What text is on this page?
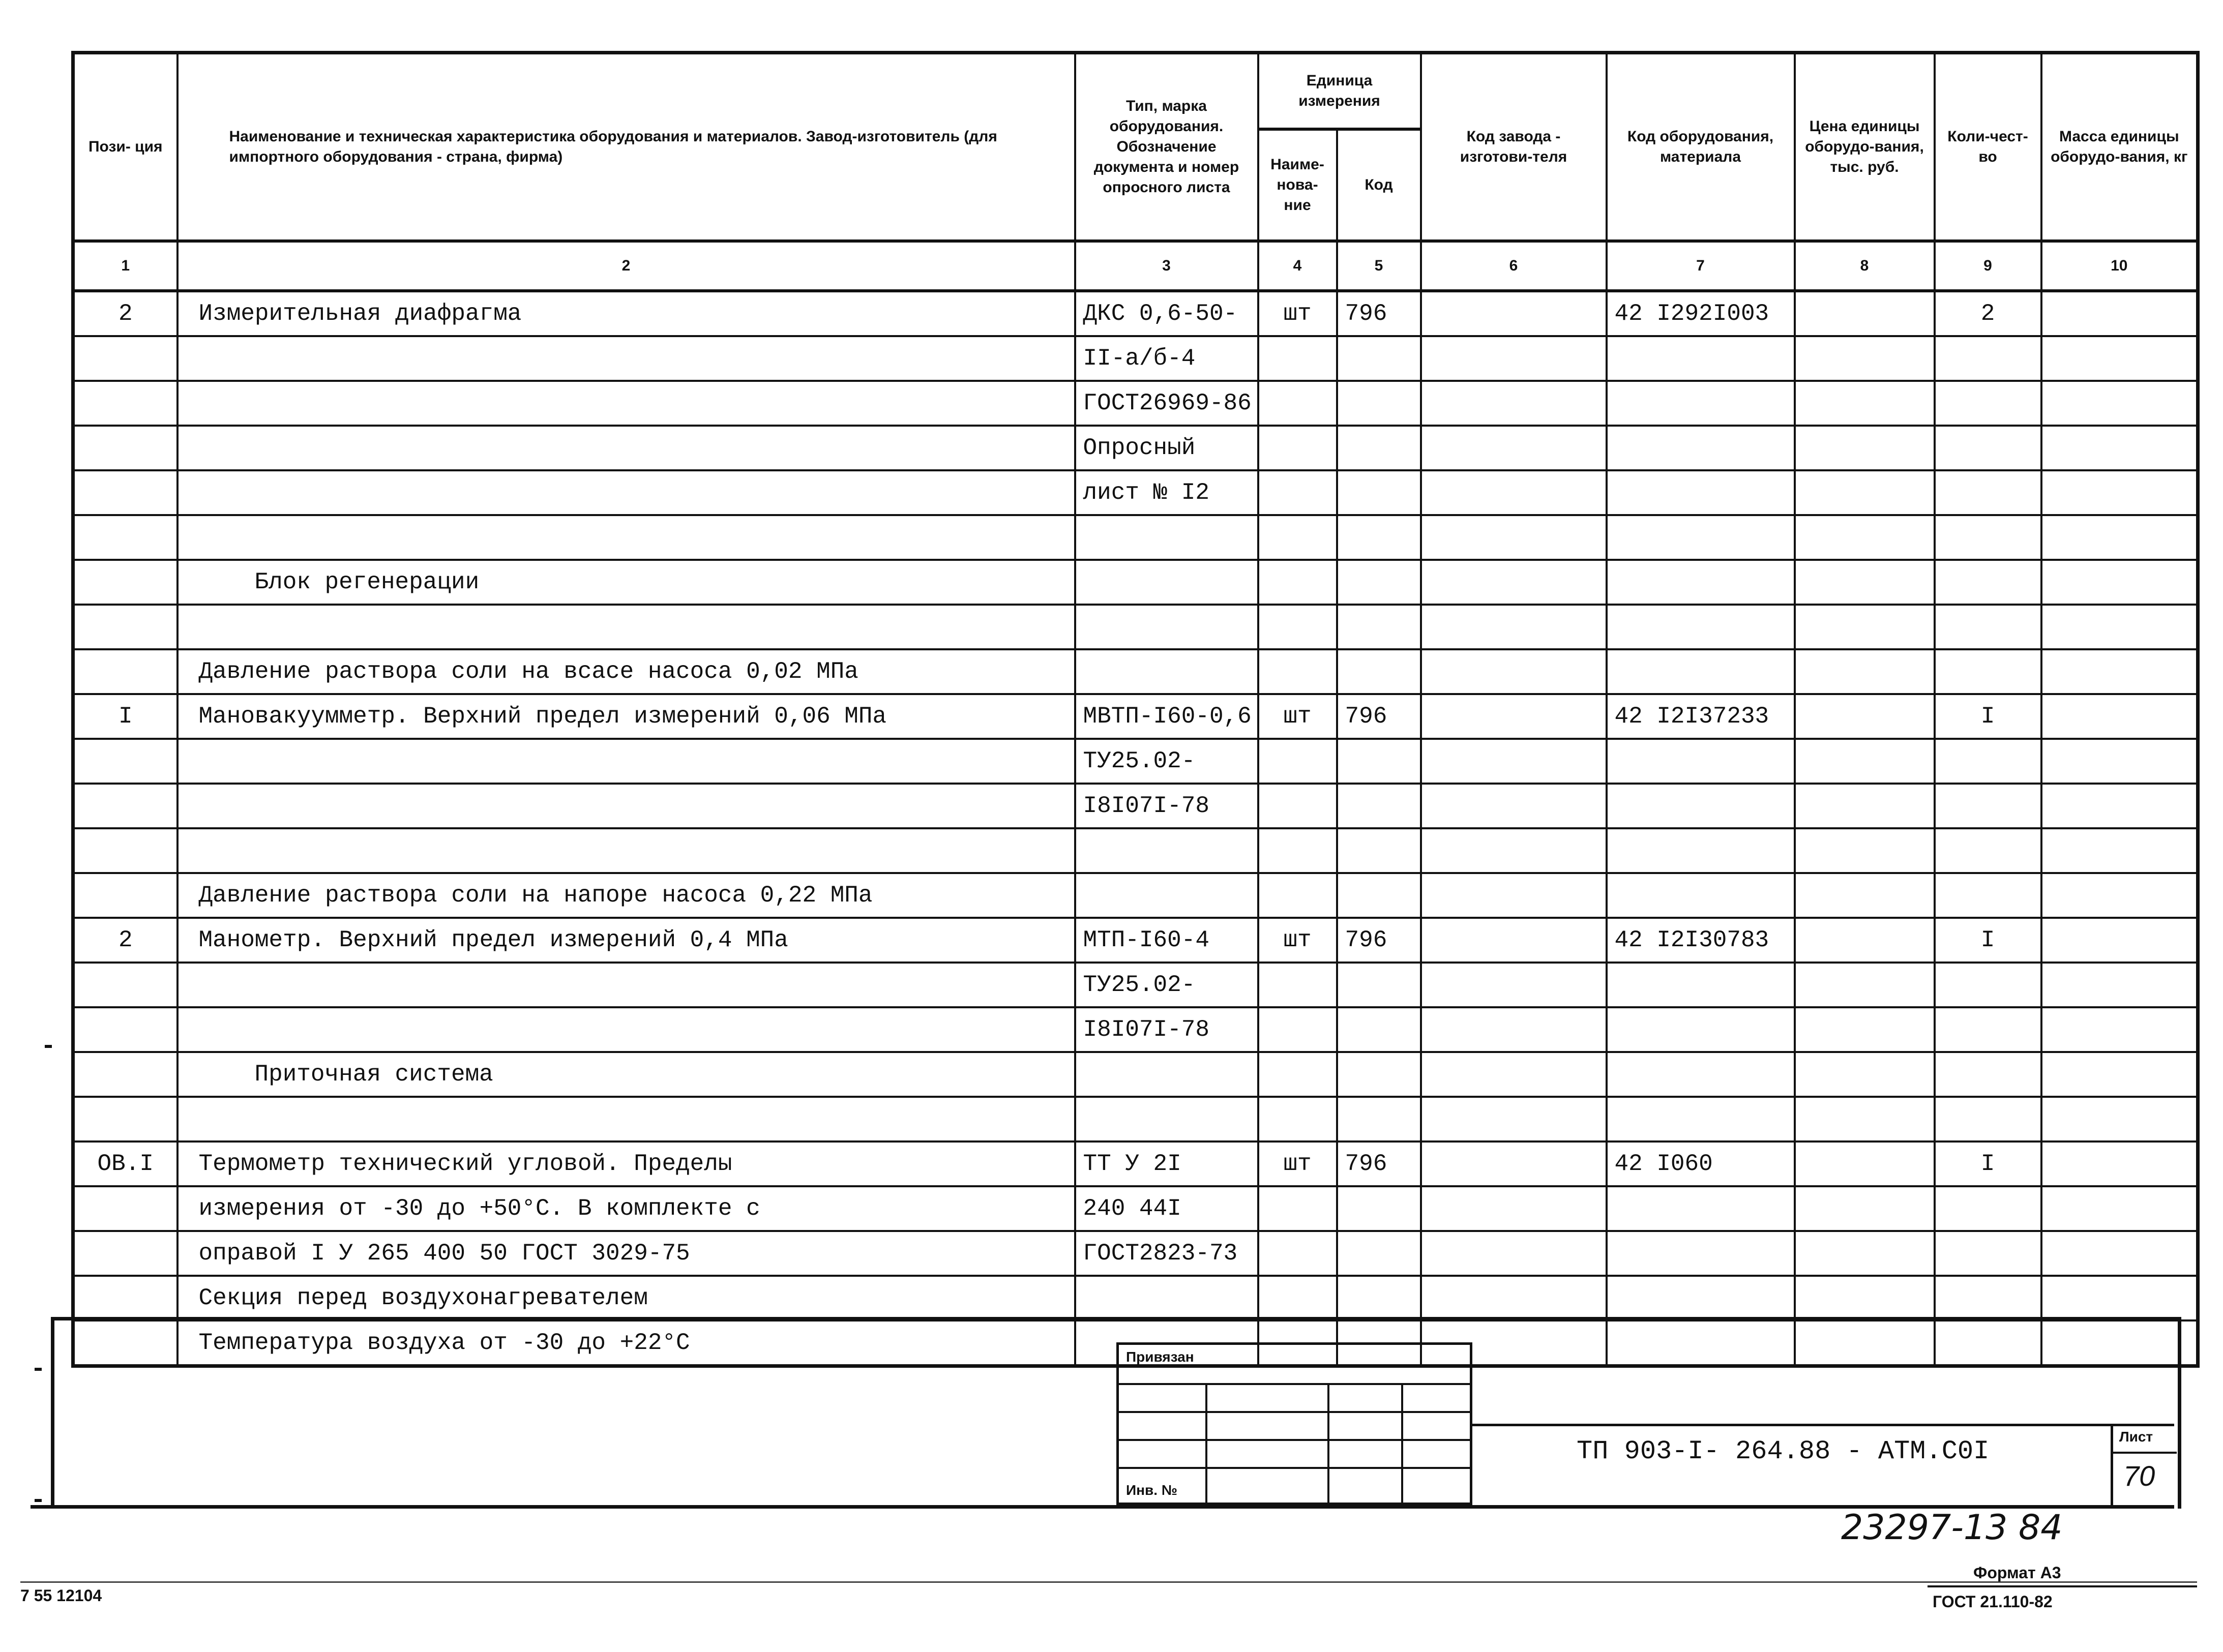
Пози- ция	Наименование и техническая характеристика оборудования и материалов. Завод-изготовитель (для импортного оборудования - страна, фирма)	Тип, марка оборудования. Обозначение документа и номер опросного листа	Единица измерения		Код завода - изготови-теля	Код оборудования, материала	Цена единицы оборудо-вания, тыс. руб.	Коли-чест-во	Масса единицы оборудо-вания, кг
			Наиме-нова-ние	Код					
1	2	3	4	5	6	7	8	9	10
2	Измерительная диафрагма	ДКС 0,6-50-	шт	796		42 I292I003		2	
		II-а/б-4							
		ГОСТ26969-86							
		Опросный							
		лист № I2							

	Блок регенерации								

	Давление раствора соли на всасе насоса 0,02 МПа								
I	Мановакуумметр. Верхний предел измерений 0,06 МПа	МВТП-I60-0,6	шт	796		42 I2I37233		I	
		ТУ25.02-							
		I8I07I-78							

	Давление раствора соли на напоре насоса 0,22 МПа								
2	Манометр. Верхний предел измерений 0,4 МПа	МТП-I60-4	шт	796		42 I2I30783		I	
		ТУ25.02-							
		I8I07I-78							
	Приточная система								

ОВ.I	Термометр технический угловой. Пределы	ТТ У 2I	шт	796		42 I060		I	
	измерения от -30 до +50°С. В комплекте с	240 44I							
	оправой I У 265 400 50 ГОСТ 3029-75	ГОСТ2823-73							
	Секция перед воздухонагревателем								
	Температура воздуха от -30 до +22°С								
Привязан
Инв. №
ТП 903-I- 264.88 - АТМ.С0I	Лист
70
23297-13 84
7 55 12104
Формат А3
ГОСТ 21.110-82
